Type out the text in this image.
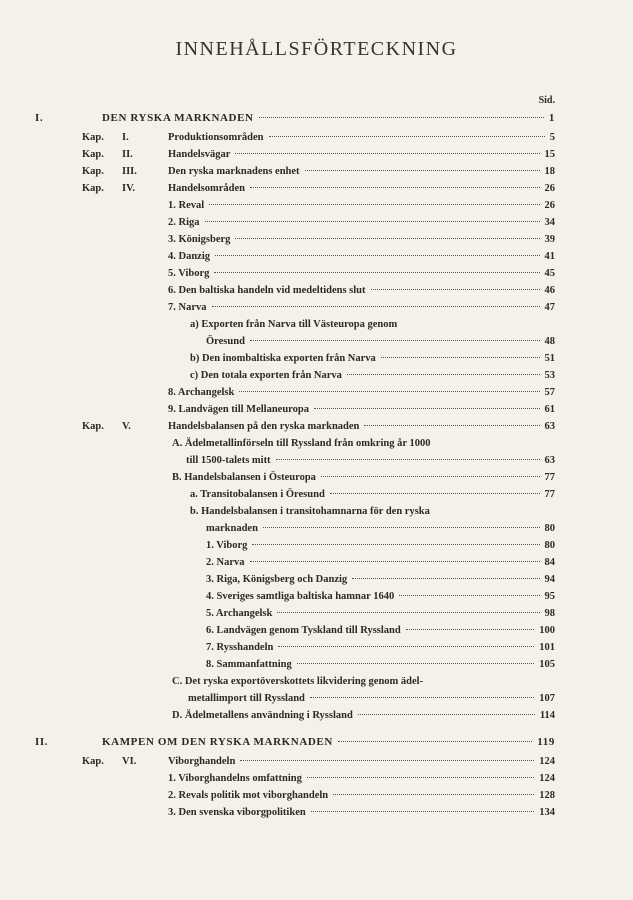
INNEHÅLLSFÖRTECKNING
Sid.
I.	DEN RYSKA MARKNADEN	1
Kap. I.	Produktionsområden	5
Kap. II.	Handelsvägar	15
Kap. III.	Den ryska marknadens enhet	18
Kap. IV.	Handelsområden	26
1. Reval	26
2. Riga	34
3. Königsberg	39
4. Danzig	41
5. Viborg	45
6. Den baltiska handeln vid medeltidens slut	46
7. Narva	47
a) Exporten från Narva till Västeuropa genom
Öresund	48
b) Den inombaltiska exporten från Narva	51
c) Den totala exporten från Narva	53
8. Archangelsk	57
9. Landvägen till Mellaneuropa	61
Kap. V.	Handelsbalansen på den ryska marknaden	63
A. Ädelmetallinförseln till Ryssland från omkring år 1000
till 1500-talets mitt	63
B. Handelsbalansen i Östeuropa	77
a. Transitobalansen i Öresund	77
b. Handelsbalansen i transitohamnarna för den ryska
marknaden	80
1. Viborg	80
2. Narva	84
3. Riga, Königsberg och Danzig	94
4. Sveriges samtliga baltiska hamnar 1640	95
5. Archangelsk	98
6. Landvägen genom Tyskland till Ryssland	100
7. Rysshandeln	101
8. Sammanfattning	105
C. Det ryska exportöverskottets likvidering genom ädel-
metallimport till Ryssland	107
D. Ädelmetallens användning i Ryssland	114
II.	KAMPEN OM DEN RYSKA MARKNADEN	119
Kap. VI.	Viborghandeln	124
1. Viborghandelns omfattning	124
2. Revals politik mot viborghandeln	128
3. Den svenska viborgpolitiken	134
